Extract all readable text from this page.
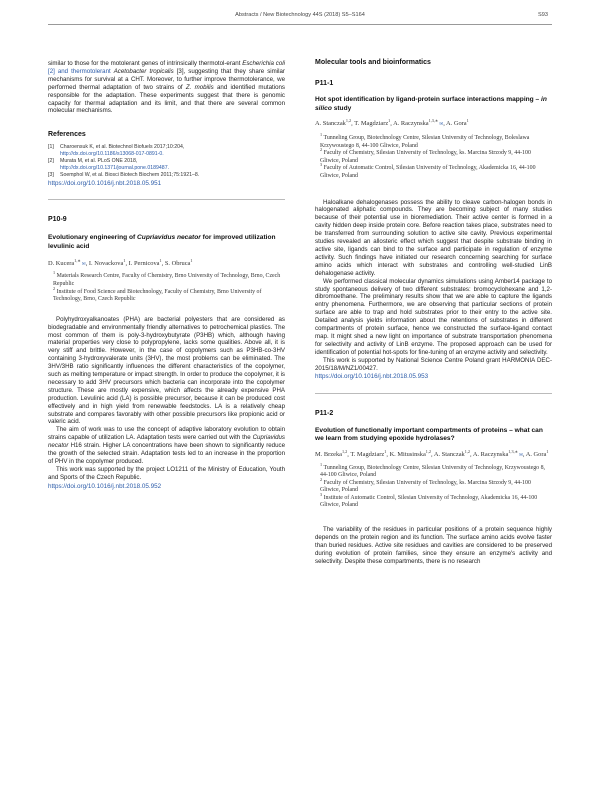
Abstracts / New Biotechnology 44S (2018) S5–S164	S93

similar to those for the motolerant genes of intrinsically thermotol-erant Escherichia coli [2] and thermotolerant Acetobacter tropicalis [3], suggesting that they share similar mechanisms for survival at a CHT. Moreover, to further improve thermotolerance, we performed thermal adaptation of two strains of Z. mobilis and identified mutations responsible for the adaptation. These experiments suggest that there is genomic capacity for thermal adaptation and its limit, and that there are several common molecular mechanisms.

References
[1] Charoensuk K, et al. Biotechnol Biofuels 2017;10:204,
http://dx.doi.org/10.1186/s13068-017-0891-0.
[2] Murata M, et al. PLoS ONE 2018,
http://dx.doi.org/10.1371/journal.pone.0189487.
[3] Soemphol W, et al. Biosci Biotech Biochem 2011;75:1921–8.
https://doi.org/10.1016/j.nbt.2018.05.951
P10-9
Evolutionary engineering of Cupriavidus necator for improved utilization levulinic acid
D. Kucera$^{1,∗}$✉, I. Novackova$^1$, I. Pernicova$^1$, S. Obruca$^1$
$^1$ Materials Research Centre, Faculty of Chemistry, Brno University of Technology, Brno, Czech Republic
$^2$ Institute of Food Science and Biotechnology, Faculty of Chemistry, Brno University of Technology, Brno, Czech Republic

Polyhydroxyalkanoates (PHA) are bacterial polyesters that are considered as biodegradable and environmentally friendly alternatives to petrochemical plastics. The most common of them is poly-3-hydroxybutyrate (P3HB) which, although having material properties very close to polypropylene, lacks some qualities. Above all, it is very stiff and brittle. However, in the case of copolymers such as P3HB-co-3HV containing 3-hydroxyvalerate units (3HV), the most problems can be eliminated. The 3HV/3HB ratio significantly influences the different characteristics of the copolymer, such as melting temperature or impact strength. In order to produce the copolymer, it is necessary to add 3HV precursors which bacteria can incorporate into the copolymer structure. These are mostly expensive, which affects the already expensive PHA production. Levulinic acid (LA) is possible precursor, because it can be produced cost effectively and in high yield from renewable feedstocks. LA is a relatively cheap substrate and compares favorably with other possible precursors like propionic acid or valeric acid.

The aim of work was to use the concept of adaptive laboratory evolution to obtain strains capable of utilization LA. Adaptation tests were carried out with the Cupriavidus necator H16 strain. Higher LA concentrations have been shown to significantly reduce the growth of the selected strain. Adaptation tests led to an increase in the proportion of PHV in the copolymer produced.

This work was supported by the project LO1211 of the Ministry of Education, Youth and Sports of the Czech Republic.

https://doi.org/10.1016/j.nbt.2018.05.952
Molecular tools and bioinformatics
P11-1
Hot spot identification by ligand-protein surface interactions mapping – in silico study
A. Stanczak$^{1,2}$, T. Magdziarz$^1$, A. Raczynska$^{1,3,∗}$✉, A. Gora$^1$
$^1$ Tunneling Group, Biotechnology Centre, Silesian University of Technology, Boleslawa Krzywoustego 8, 44-100 Gliwice, Poland
$^2$ Faculty of Chemistry, Silesian University of Technology, ks. Marcina Strzody 9, 44-100 Gliwice, Poland
$^3$ Faculty of Automatic Control, Silesian University of Technology, Akademicka 16, 44-100 Gliwice, Poland

Haloalkane dehalogenases possess the ability to cleave carbon-halogen bonds in halogenated aliphatic compounds. They are becoming subject of many studies because of their potential use in bioremediation. Their active center is formed in a cavity hidden deep inside protein core. Before reaction takes place, substrates need to be transferred from surrounding solution to active site cavity. Previous experimental studies revealed an allosteric effect which suggest that despite substrate binding in active site, ligands can bind to the surface and participate in regulation of enzyme activity. Such findings have initiated our research concerning searching for surface amino acids which interact with substrates and controlling well-studied LinB dehalogenase activity.

We performed classical molecular dynamics simulations using Amber14 package to study spontaneous delivery of two different substrates: bromocyclohexane and 1,2-dibromoethane. The preliminary results show that we are able to capture the ligands entry phenomena. Furthermore, we are observing that particular sections of protein surface are able to trap and hold substrates prior to their entry to the active site. Detailed analysis yields information about the retentions of substrates in different compartments of protein surface, hence we constructed the surface-ligand contact map. It might shed a new light on importance of substrate transportation phenomena for selectivity and activity of LinB enzyme. The proposed approach can be used for identification of potential hot-spots for fine-tuning of an enzyme activity and selectivity.

This work is supported by National Science Centre Poland grant HARMONIA DEC-2015/18/M/NZ1/00427.

https://doi.org/10.1016/j.nbt.2018.05.953
P11-2
Evolution of functionally important compartments of proteins – what can we learn from studying epoxide hydrolases?
M. Brzeka$^{1,2}$, T. Magdziarz$^1$, K. Mitusinska$^{1,2}$, A. Stanczak$^{1,2}$, A. Raczynska$^{1,3,∗}$✉, A. Gora$^1$
$^1$ Tunneling Group, Biotechnology Centre, Silesian University of Technology, Krzywoustego 8, 44-100 Gliwice, Poland
$^2$ Faculty of Chemistry, Silesian University of Technology, ks. Marcina Strzody 9, 44-100 Gliwice, Poland
$^3$ Institute of Automatic Control, Silesian University of Technology, Akademicka 16, 44-100 Gliwice, Poland

The variability of the residues in particular positions of a protein sequence highly depends on the protein region and its function. The surface amino acids evolve faster than buried residues. Active site residues and cavities are considered to be preserved during evolution of protein families, since they ensure an enzyme's activity and selectivity. Despite these compartments, there is no research
